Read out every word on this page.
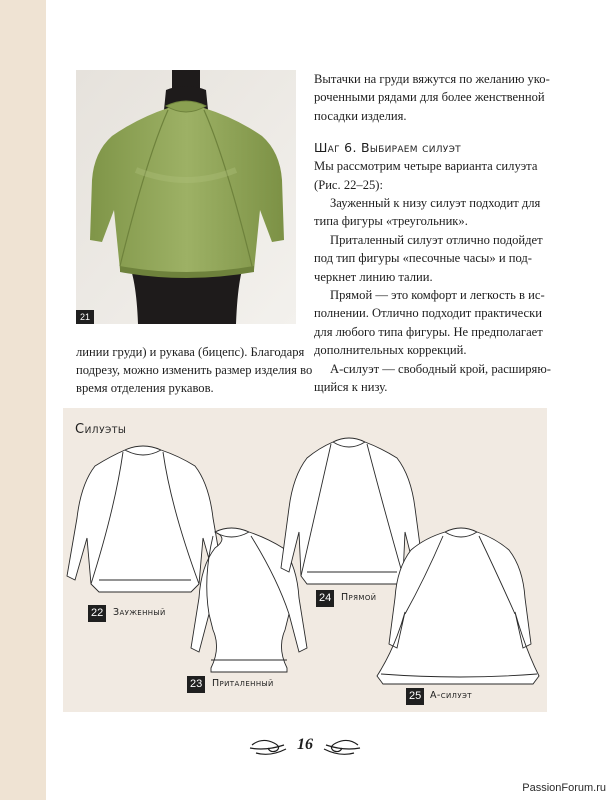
21
линии груди) и рукава (бицепс). Благодаря
подрезу, можно изменить размер изделия во
время отделения рукавов.
Вытачки на груди вяжутся по желанию уко-
роченными рядами для более женственной
посадки изделия.
Шаг 6. Выбираем силуэт
Мы рассмотрим четыре варианта силуэта
(Рис. 22–25):
Зауженный к низу силуэт подходит для
типа фигуры «треугольник».
Приталенный силуэт отлично подойдет
под тип фигуры «песочные часы» и под-
черкнет линию талии.
Прямой — это комфорт и легкость в ис-
полнении. Отлично подходит практически
для любого типа фигуры. Не предполагает
дополнительных коррекций.
А-силуэт — свободный крой, расширяю-
щийся к низу.
Силуэты
22	Зауженный
23	Приталенный
24	Прямой
25 А-силуэт
16
PassionForum.ru
